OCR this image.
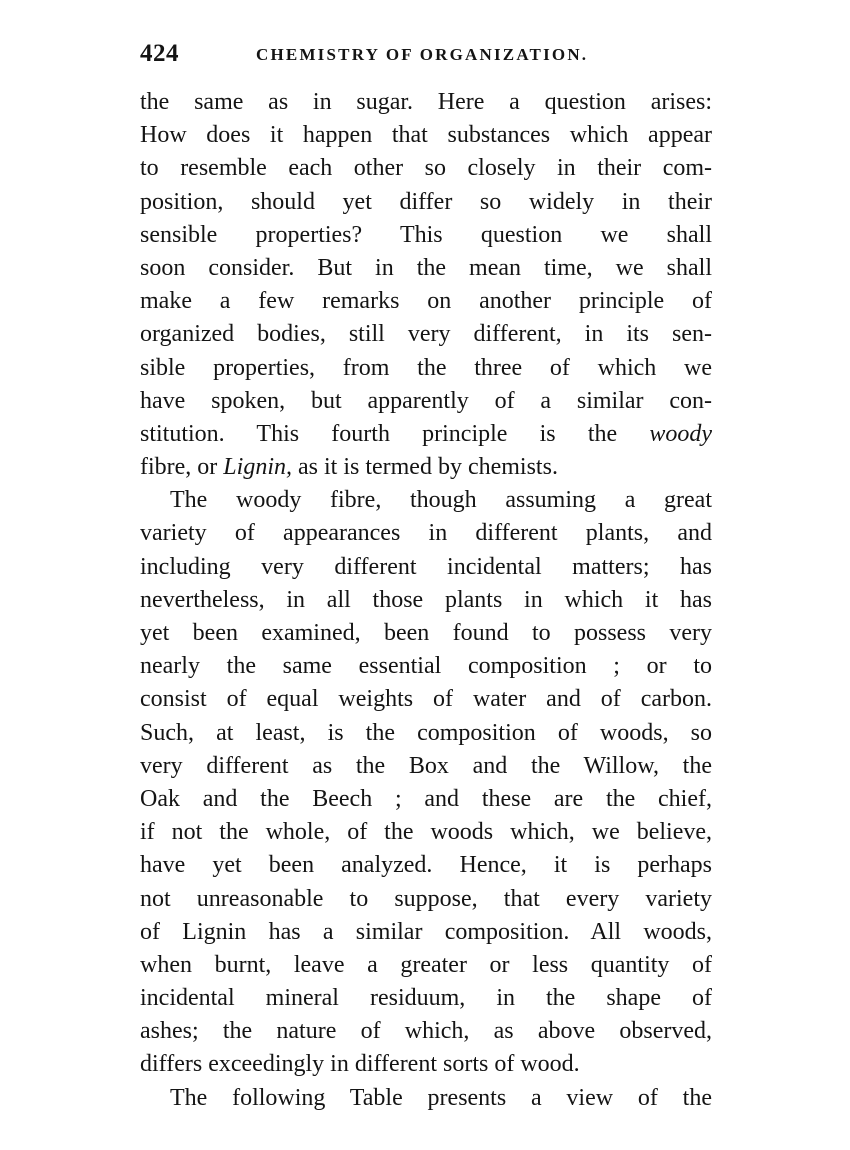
424	CHEMISTRY OF ORGANIZATION.
the same as in sugar. Here a question arises:
How does it happen that substances which appear
to resemble each other so closely in their com-
position, should yet differ so widely in their
sensible properties? This question we shall
soon consider. But in the mean time, we shall
make a few remarks on another principle of
organized bodies, still very different, in its sen-
sible properties, from the three of which we
have spoken, but apparently of a similar con-
stitution. This fourth principle is the woody
fibre, or Lignin, as it is termed by chemists.
The woody fibre, though assuming a great
variety of appearances in different plants, and
including very different incidental matters; has
nevertheless, in all those plants in which it has
yet been examined, been found to possess very
nearly the same essential composition ; or to
consist of equal weights of water and of carbon.
Such, at least, is the composition of woods, so
very different as the Box and the Willow, the
Oak and the Beech ; and these are the chief,
if not the whole, of the woods which, we believe,
have yet been analyzed. Hence, it is perhaps
not unreasonable to suppose, that every variety
of Lignin has a similar composition. All woods,
when burnt, leave a greater or less quantity of
incidental mineral residuum, in the shape of
ashes; the nature of which, as above observed,
differs exceedingly in different sorts of wood.
The following Table presents a view of the
